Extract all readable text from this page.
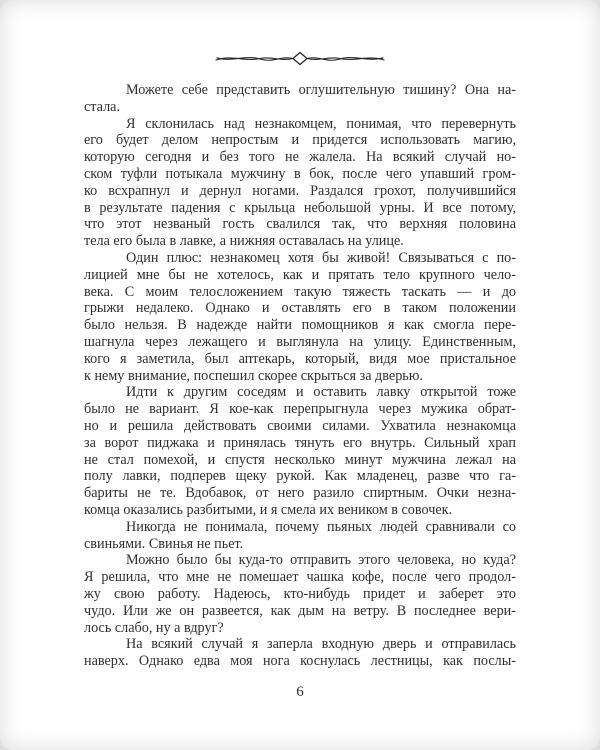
Можете себе представить оглушительную тишину? Она на-
стала.
Я склонилась над незнакомцем, понимая, что перевернуть
его будет делом непростым и придется использовать магию,
которую сегодня и без того не жалела. На всякий случай но-
ском туфли потыкала мужчину в бок, после чего упавший гром-
ко всхрапнул и дернул ногами. Раздался грохот, получившийся
в результате падения с крыльца небольшой урны. И все потому,
что этот незваный гость свалился так, что верхняя половина
тела его была в лавке, а нижняя оставалась на улице.
Один плюс: незнакомец хотя бы живой! Связываться с по-
лицией мне бы не хотелось, как и прятать тело крупного чело-
века. С моим телосложением такую тяжесть таскать — и до
грыжи недалеко. Однако и оставлять его в таком положении
было нельзя. В надежде найти помощников я как смогла пере-
шагнула через лежащего и выглянула на улицу. Единственным,
кого я заметила, был аптекарь, который, видя мое пристальное
к нему внимание, поспешил скорее скрыться за дверью.
Идти к другим соседям и оставить лавку открытой тоже
было не вариант. Я кое-как перепрыгнула через мужика обрат-
но и решила действовать своими силами. Ухватила незнакомца
за ворот пиджака и принялась тянуть его внутрь. Сильный храп
не стал помехой, и спустя несколько минут мужчина лежал на
полу лавки, подперев щеку рукой. Как младенец, разве что га-
бариты не те. Вдобавок, от него разило спиртным. Очки незна-
комца оказались разбитыми, и я смела их веником в совочек.
Никогда не понимала, почему пьяных людей сравнивали со
свиньями. Свинья не пьет.
Можно было бы куда-то отправить этого человека, но куда?
Я решила, что мне не помешает чашка кофе, после чего продол-
жу свою работу. Надеюсь, кто-нибудь придет и заберет это
чудо. Или же он развеется, как дым на ветру. В последнее вери-
лось слабо, ну а вдруг?
На всякий случай я заперла входную дверь и отправилась
наверх. Однако едва моя нога коснулась лестницы, как послы-
6
